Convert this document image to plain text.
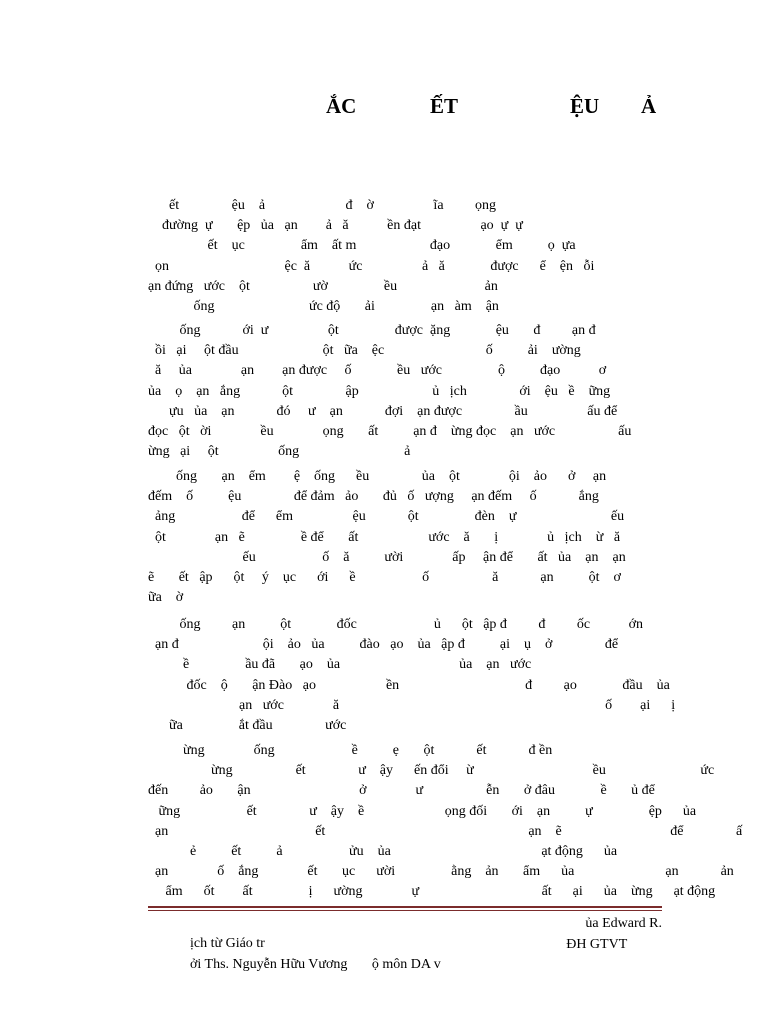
ẮC	ẾT	ỆU Ả
ết               ệu    ả                       đ    ờ                 ĩa         ọng
đường  ự       ệp   ủa   ạn        ả   ă           ền đạt                 ạo  ự  ự
ết    ục                ẩm    ất m                     đạo             ểm          ọ  ựa
ọn                                 ệc  ă           ức                 ả   ă             được      ể    ện   ỗi
ạn đứng   ước    ột                  ườ                ều                         ản
ống                           ức độ       ải                ạn   àm    ận
ống            ới  ư                 ột                được  ặng             ệu       đ         ạn đ
ồi   ại     ột đầu                        ột   ữa    ệc                             ố          ải    ường
ă     ủa              ạn        ạn được     ố             ều   ước                ộ          đạo           ơ
ủa    ọ    ạn   ắng            ột               ập                     ủ   ịch               ới    ệu   ề    ững
ựu   ủa    ạn            đó     ư    ạn            đợi    ạn được               ầu                 ấu để
đọc   ột   ời              ều              ọng       ất          ạn đ    ừng đọc    ạn   ước                  ấu
ừng   ại     ột                 ống                              ả
ống       ạn    ểm        ệ    ống      ều               ủa    ột              ội    ảo      ở     ạn
đếm    ố          ệu               để đảm   ảo       đủ   ố   ượng     ạn đếm     ố            ắng
ảng                   để      ểm                 ệu            ột                đèn    ự                           ếu
ột              ạn   ẽ                ề để       ất                    ước    ă       ị              ủ   ịch    ừ   ă
ếu                   ố    ă          ười              ấp     ận để       ất   ủa    ạn    ạn
ẽ       ết   ập      ột     ý    ục      ới      ề                   ố                  ă            ạn          ột    ơ
ữa    ờ
ống         ạn          ột             đốc                      ủ      ột   ập đ         đ         ốc           ớn
ạn đ                        ội    ảo   ủa          đào   ạo    ủa   ập đ          ại    ụ    ở               để
ề                ầu đã       ạo    ủa                                  ủa    ạn   ước
đốc    ộ       ận Đào   ạo                    ền                                    đ         ạo             đầu    ủa
ạn   ước              ă                                                                            ố        ại      ị
ữa                ắt đầu               ước
ừng              ống                      ề          ẹ       ột            ết            đ ền
ừng                  ết               ư    ậy      ến đổi     ừ                                  ều                           ức
đến         ảo       ận                               ở              ư                  ễn       ở đâu             ề       ủ để
ững                   ết               ư    ậy    ề                       ọng đối       ới    ạn          ự                ệp      ủa
ạn                                          ết                                                          ạn    ẽ                               để               ấ
ẻ          ết          ả                   ửu    ủa                                           ạt động      ủa
ạn              ố    ắng              ết       ục      ười                ằng    ản       ẩm      ủa                          ạn            ản
ẩm      ốt        ất                ị      ường              ự                                   ất      ại      ủa    ừng      ạt động

ịch từ Giáo tr

ủa Edward R.

ởi Ths. Nguyễn Hữu Vương       ộ môn DA v

ĐH GTVT
